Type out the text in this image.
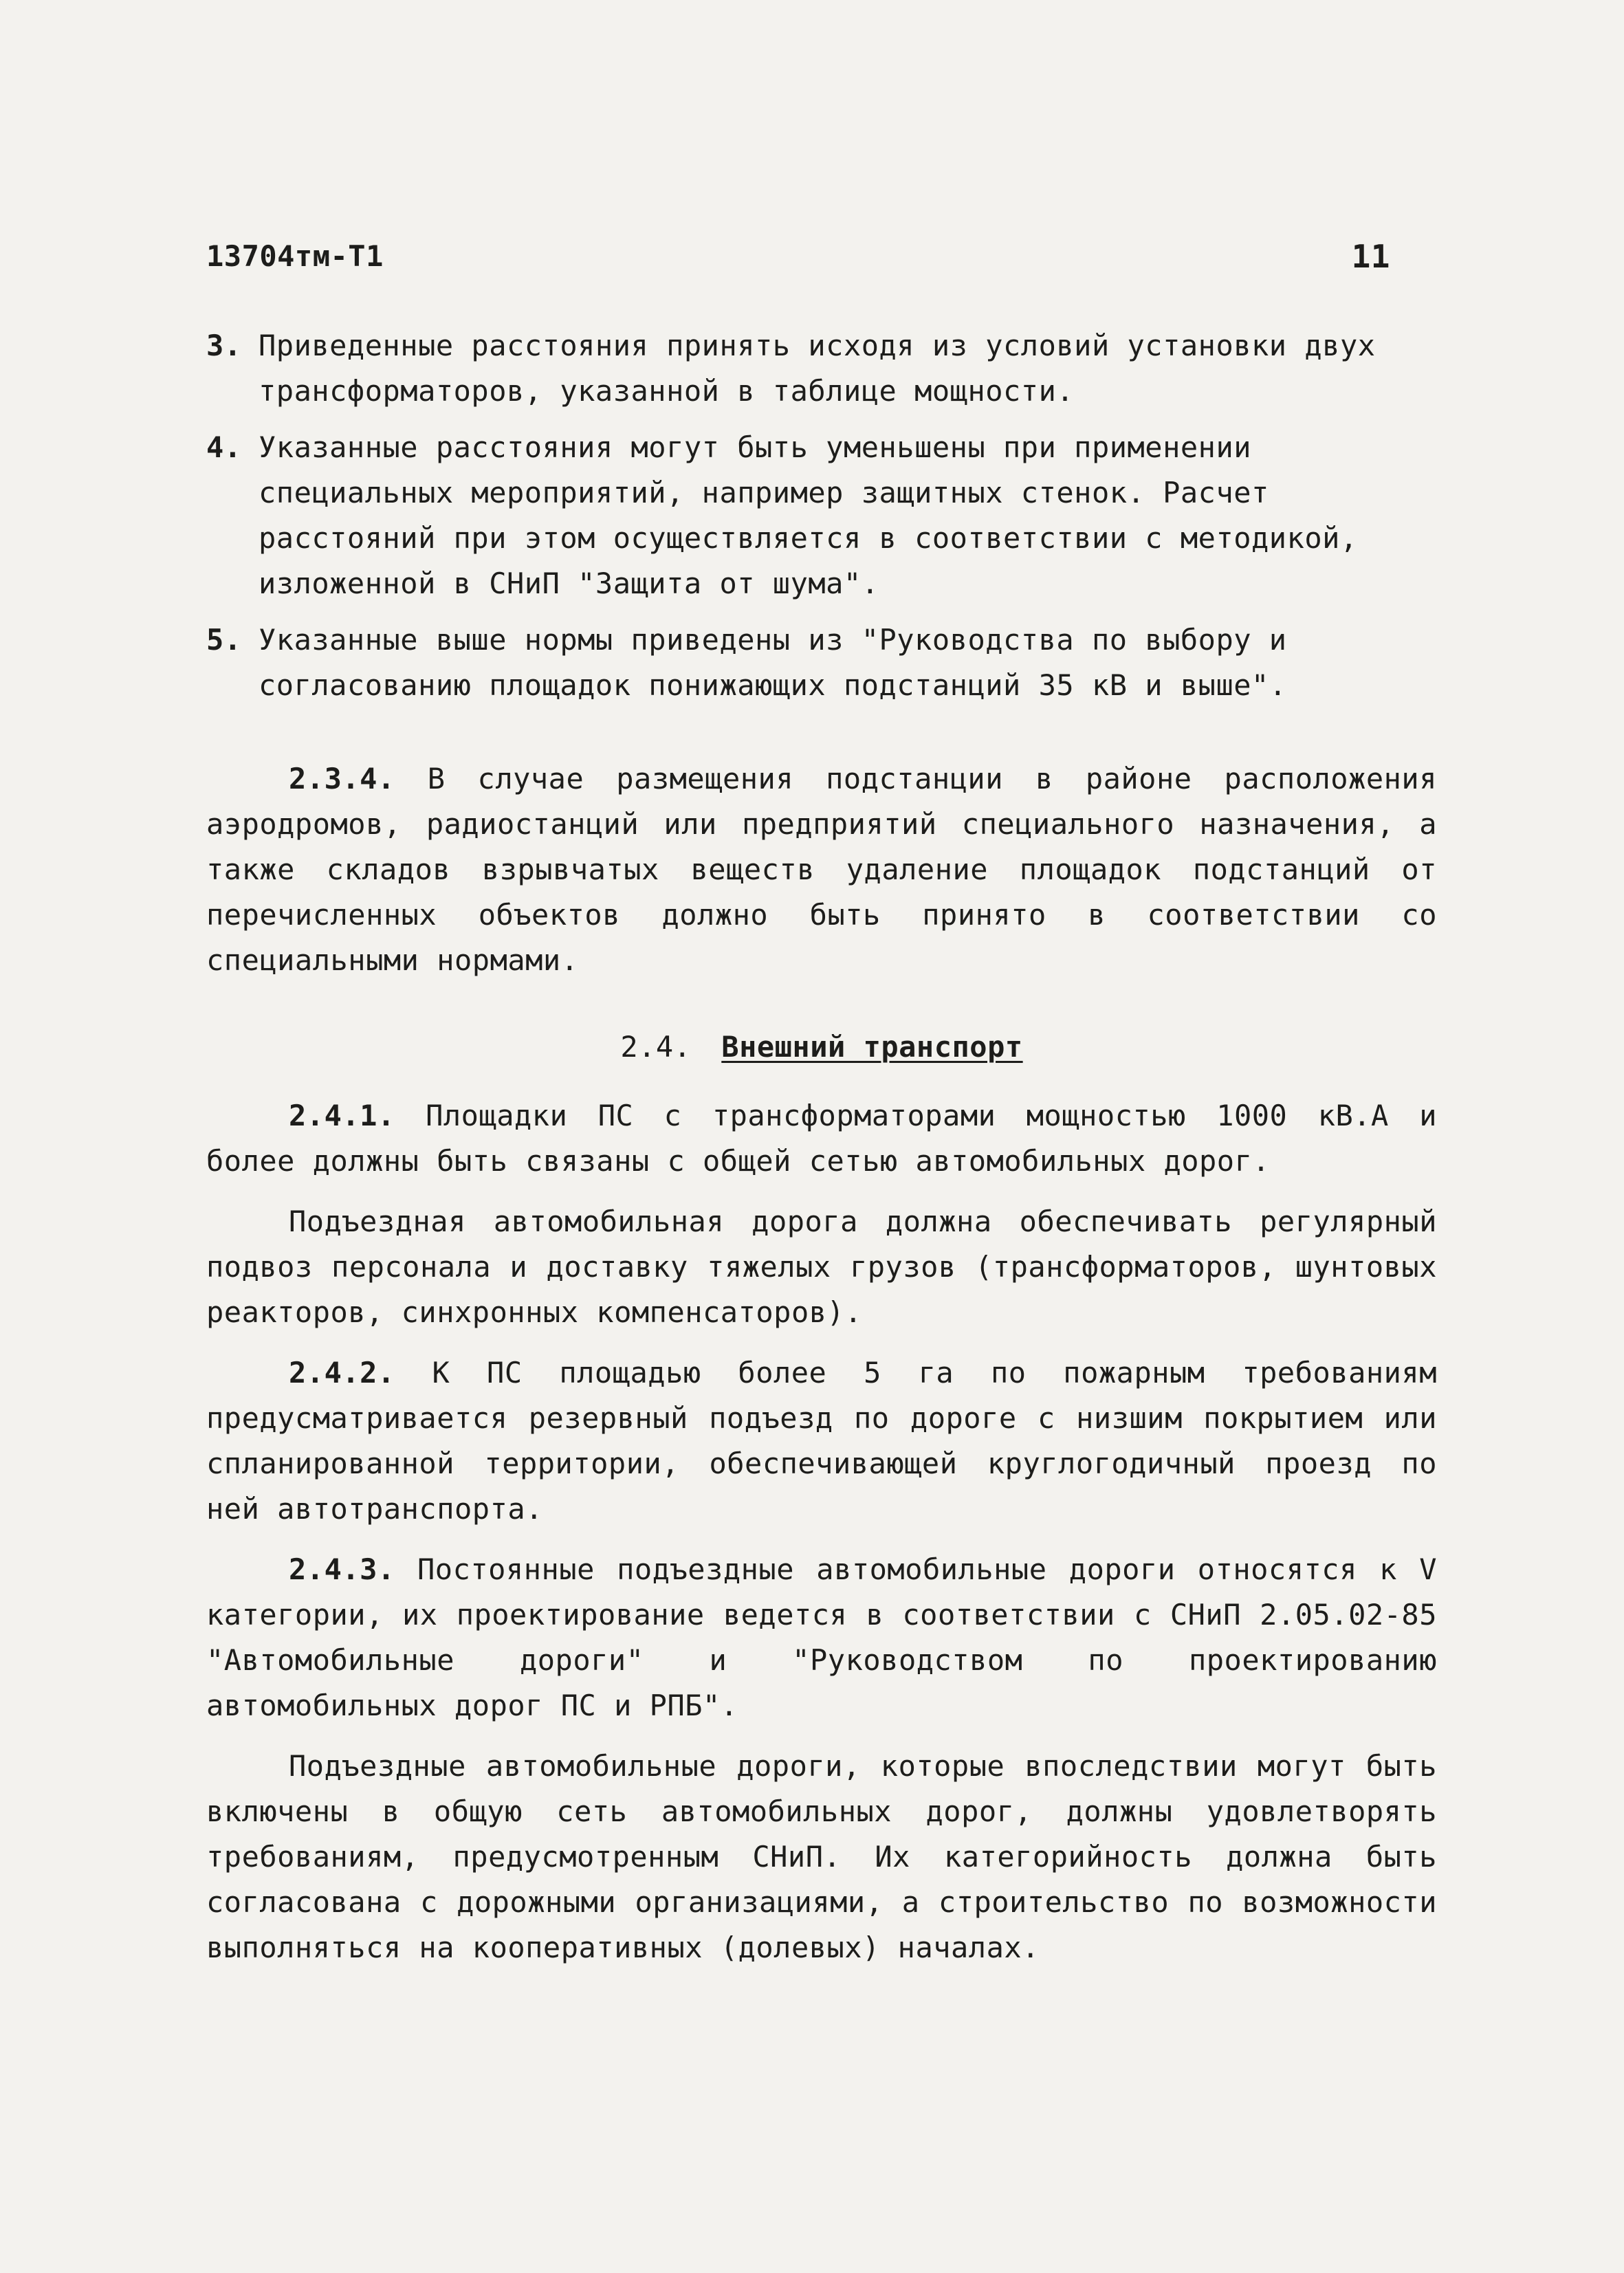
13704тм-Т1	11
3. Приведенные расстояния принять исходя из условий установки двух трансформаторов, указанной в таблице мощности.
4. Указанные расстояния могут быть уменьшены при применении специальных мероприятий, например защитных стенок. Расчет расстояний при этом осуществляется в соответствии с методикой, изложенной в СНиП "Защита от шума".
5. Указанные выше нормы приведены из "Руководства по выбору и согласованию площадок понижающих подстанций 35 кВ и выше".

2.3.4. В случае размещения подстанции в районе расположения аэродромов, радиостанций или предприятий специального назначения, а также складов взрывчатых веществ удаление площадок подстанций от перечисленных объектов должно быть принято в соответствии со специальными нормами.

2.4. Внешний транспорт

2.4.1. Площадки ПС с трансформаторами мощностью 1000 кВ.А и более должны быть связаны с общей сетью автомобильных дорог.

Подъездная автомобильная дорога должна обеспечивать регулярный подвоз персонала и доставку тяжелых грузов (трансформаторов, шунтовых реакторов, синхронных компенсаторов).

2.4.2. К ПС площадью более 5 га по пожарным требованиям предусматривается резервный подъезд по дороге с низшим покрытием или спланированной территории, обеспечивающей круглогодичный проезд по ней автотранспорта.

2.4.3. Постоянные подъездные автомобильные дороги относятся к V категории, их проектирование ведется в соответствии с СНиП 2.05.02-85 "Автомобильные дороги" и "Руководством по проектированию автомобильных дорог ПС и РПБ".

Подъездные автомобильные дороги, которые впоследствии могут быть включены в общую сеть автомобильных дорог, должны удовлетворять требованиям, предусмотренным СНиП. Их категорийность должна быть согласована с дорожными организациями, а строительство по возможности выполняться на кооперативных (долевых) началах.
